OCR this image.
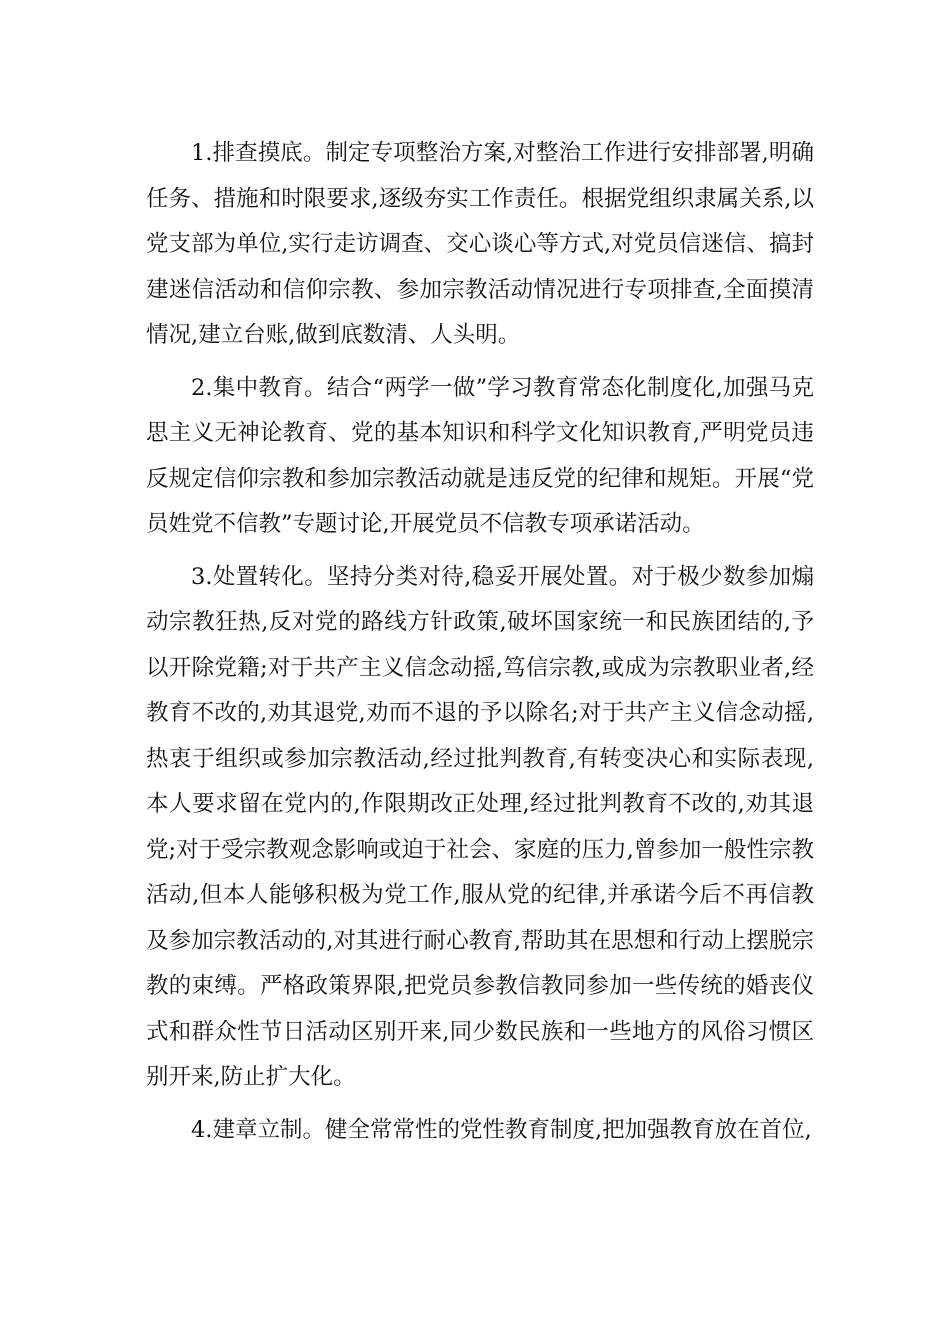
1.排查摸底。制定专项整治方案,对整治工作进行安排部署,明确任务、措施和时限要求,逐级夯实工作责任。根据党组织隶属关系,以党支部为单位,实行走访调查、交心谈心等方式,对党员信迷信、搞封建迷信活动和信仰宗教、参加宗教活动情况进行专项排查,全面摸清情况,建立台账,做到底数清、人头明。

2.集中教育。结合“两学一做”学习教育常态化制度化,加强马克思主义无神论教育、党的基本知识和科学文化知识教育,严明党员违反规定信仰宗教和参加宗教活动就是违反党的纪律和规矩。开展“党员姓党不信教”专题讨论,开展党员不信教专项承诺活动。

3.处置转化。坚持分类对待,稳妥开展处置。对于极少数参加煽动宗教狂热,反对党的路线方针政策,破坏国家统一和民族团结的,予以开除党籍;对于共产主义信念动摇,笃信宗教,或成为宗教职业者,经教育不改的,劝其退党,劝而不退的予以除名;对于共产主义信念动摇,热衷于组织或参加宗教活动,经过批判教育,有转变决心和实际表现,本人要求留在党内的,作限期改正处理,经过批判教育不改的,劝其退党;对于受宗教观念影响或迫于社会、家庭的压力,曾参加一般性宗教活动,但本人能够积极为党工作,服从党的纪律,并承诺今后不再信教及参加宗教活动的,对其进行耐心教育,帮助其在思想和行动上摆脱宗教的束缚。严格政策界限,把党员参教信教同参加一些传统的婚丧仪式和群众性节日活动区别开来,同少数民族和一些地方的风俗习惯区别开来,防止扩大化。

4.建章立制。健全常常性的党性教育制度,把加强教育放在首位,
